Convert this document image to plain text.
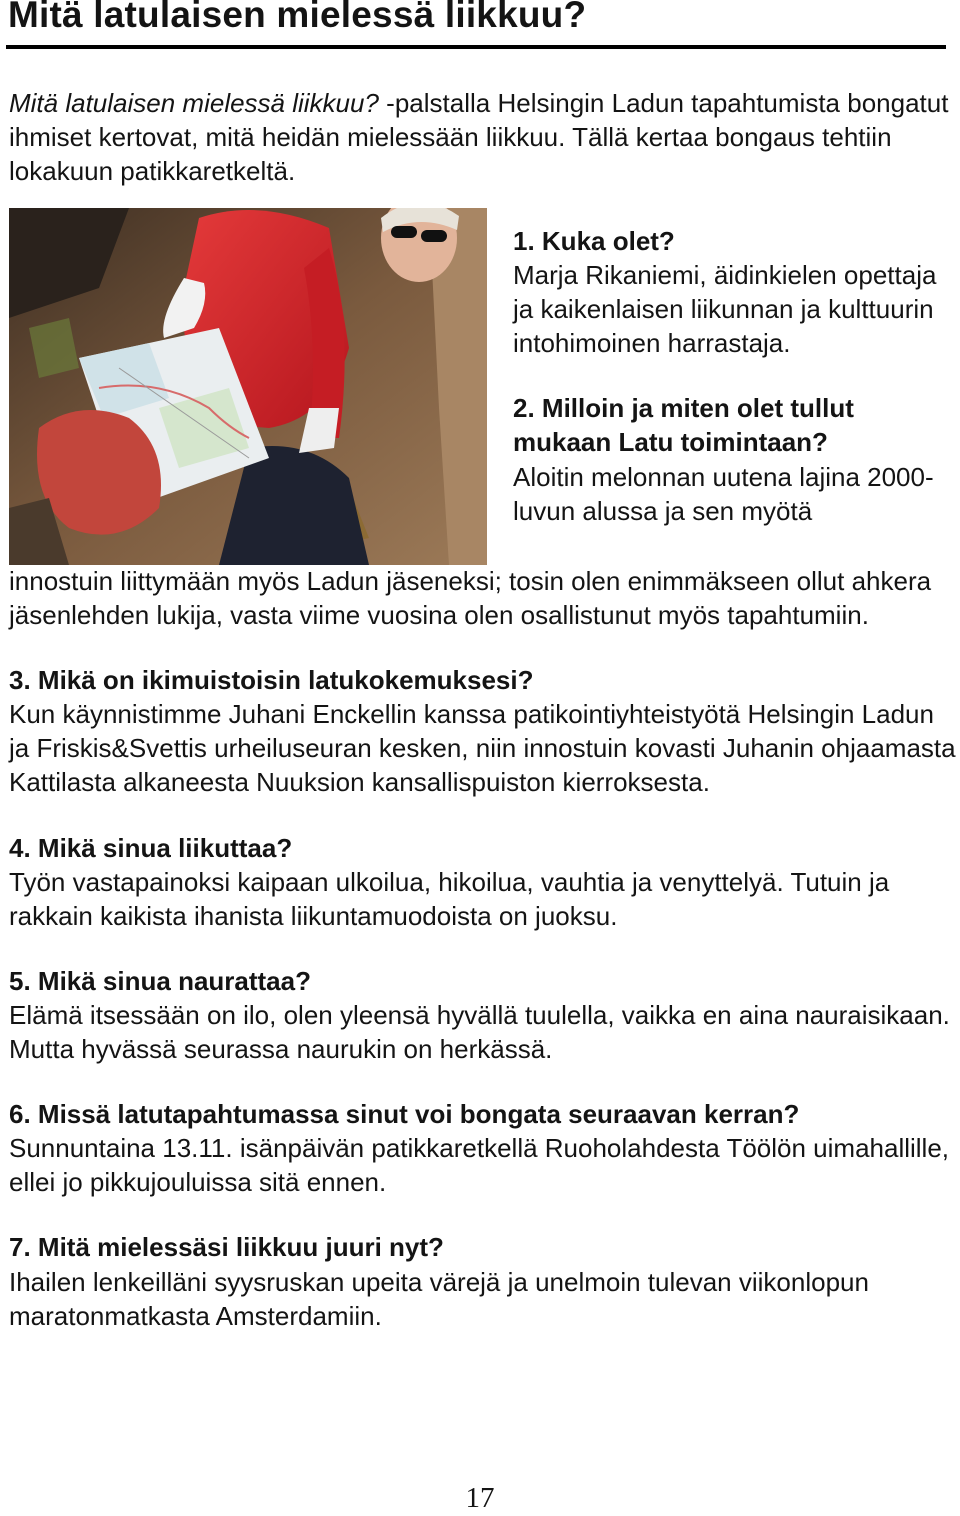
Mitä latulaisen mielessä liikkuu?
Mitä latulaisen mielessä liikkuu? -palstalla Helsingin Ladun tapahtumista bongatut ihmiset kertovat, mitä heidän mielessään liikkuu. Tällä kertaa bongaus tehtiin lokakuun patikkaretkeltä.

1. Kuka olet?

Marja Rikaniemi, äidinkielen opettaja ja kaikenlaisen liikunnan ja kulttuurin intohimoinen harrastaja.

2. Milloin ja miten olet tullut mukaan Latu toimintaan?

Aloitin melonnan uutena lajina 2000-luvun alussa ja sen myötä

innostuin liittymään myös Ladun jäseneksi; tosin olen enimmäkseen ollut ahkera jäsenlehden lukija, vasta viime vuosina olen osallistunut myös tapahtumiin.

3. Mikä on ikimuistoisin latukokemuksesi?

Kun käynnistimme Juhani Enckellin kanssa patikointiyhteistyötä Helsingin Ladun ja Friskis&Svettis urheiluseuran kesken, niin innostuin kovasti Juhanin ohjaamasta Kattilasta alkaneesta Nuuksion kansallispuiston kierroksesta.

4. Mikä sinua liikuttaa?

Työn vastapainoksi kaipaan ulkoilua, hikoilua, vauhtia ja venyttelyä. Tutuin ja rakkain kaikista ihanista liikuntamuodoista on juoksu.

5. Mikä sinua naurattaa?

Elämä itsessään on ilo, olen yleensä hyvällä tuulella, vaikka en aina nauraisikaan. Mutta hyvässä seurassa naurukin on herkässä.

6. Missä latutapahtumassa sinut voi bongata seuraavan kerran?

Sunnuntaina 13.11. isänpäivän patikkaretkellä Ruoholahdesta Töölön uimahallille, ellei jo pikkujouluissa sitä ennen.

7. Mitä mielessäsi liikkuu juuri nyt?

Ihailen lenkeilläni syysruskan upeita värejä ja unelmoin tulevan viikonlopun maratonmatkasta Amsterdamiin.

17
